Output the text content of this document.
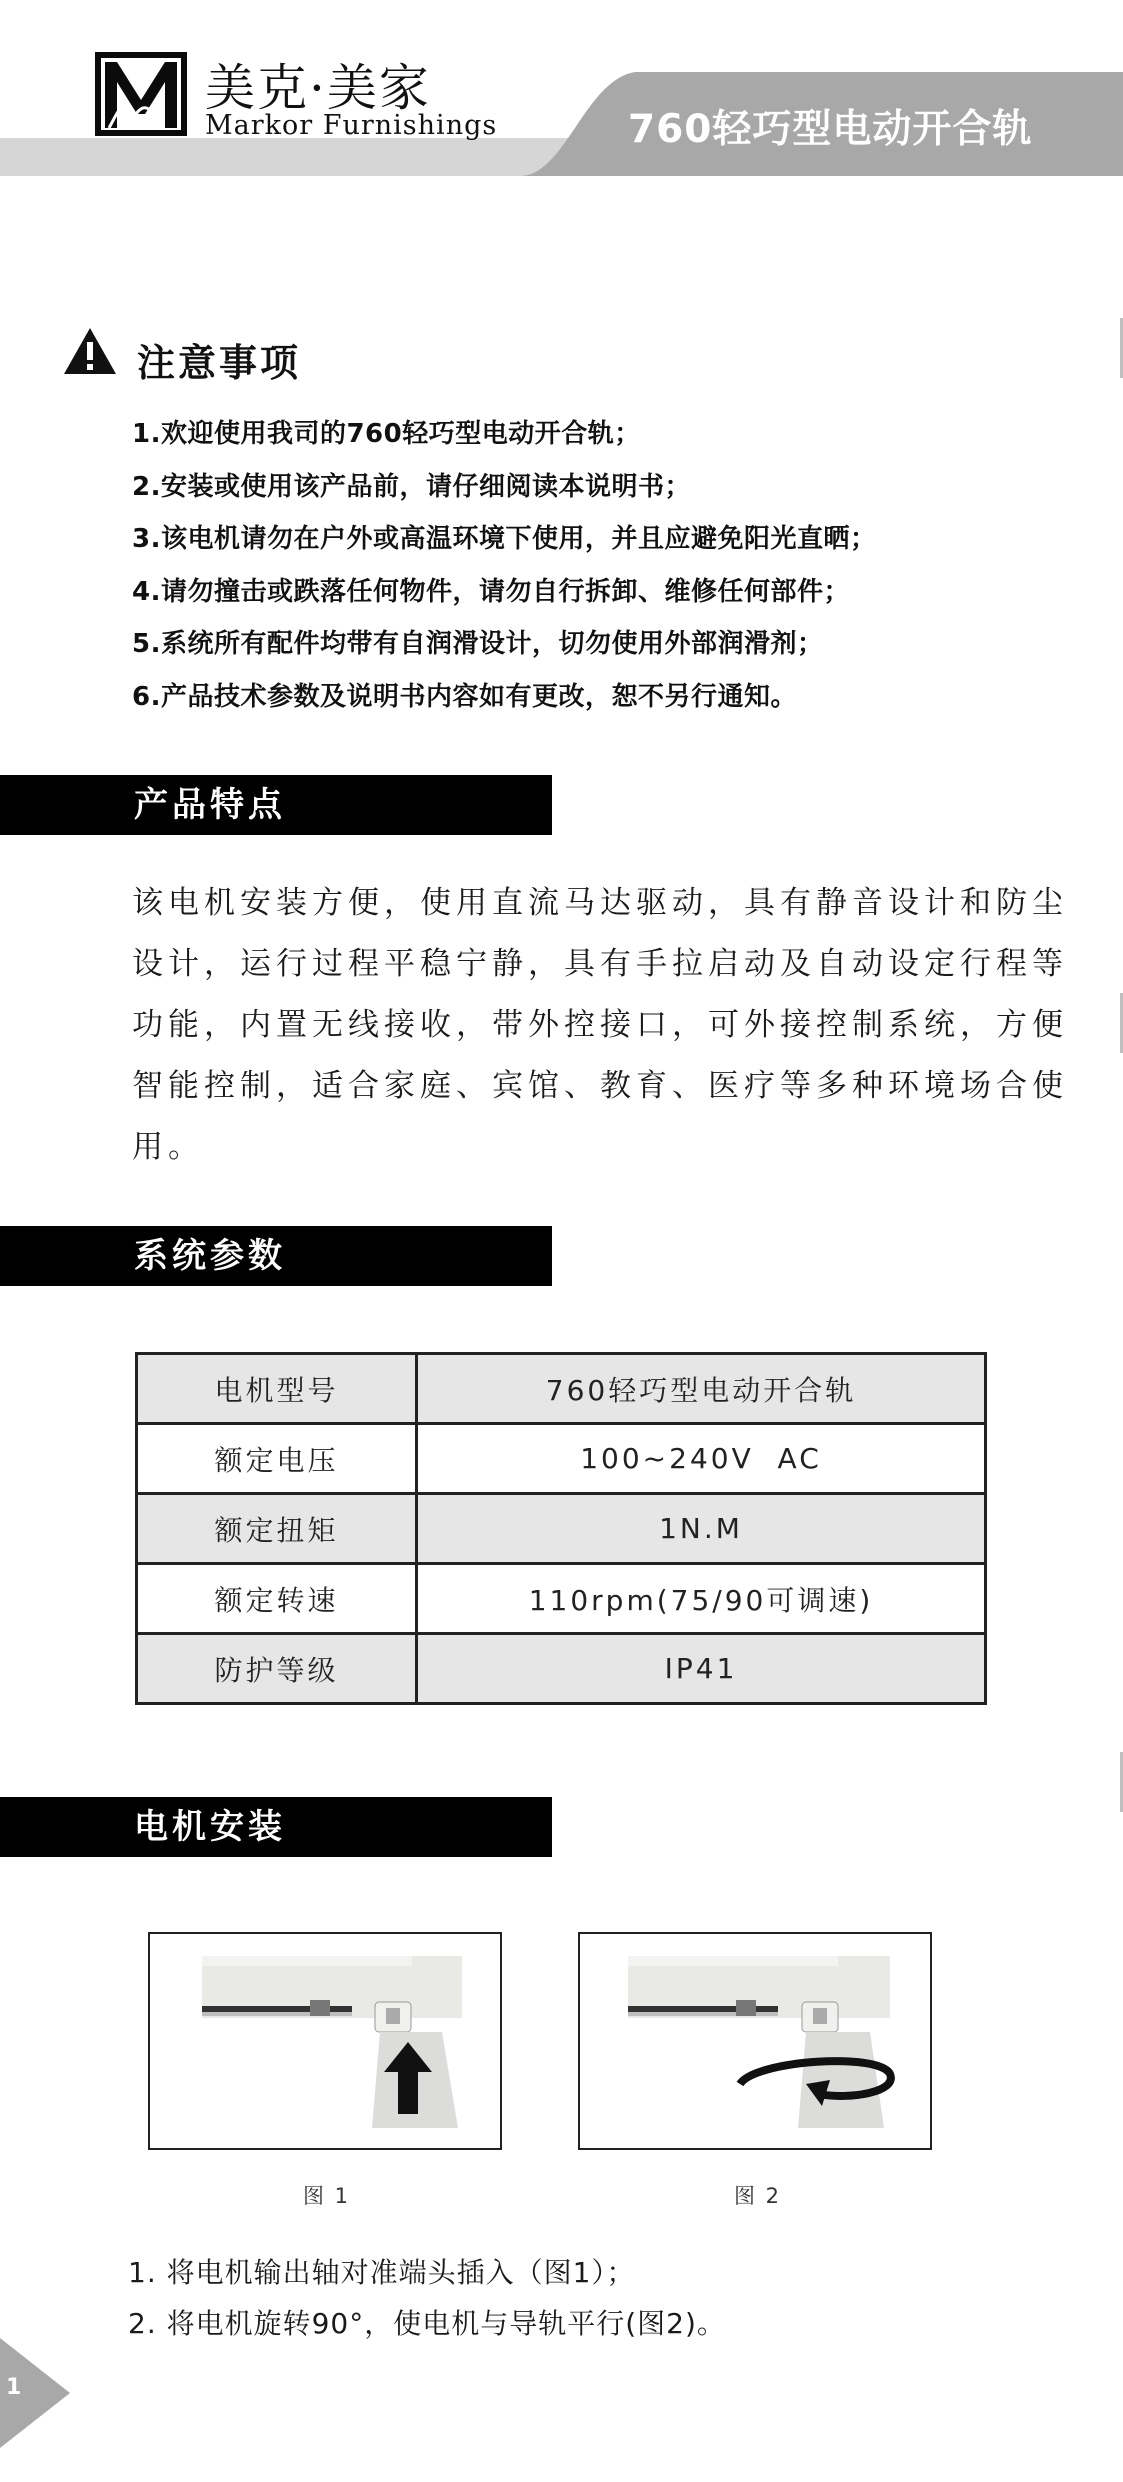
美克·美家
Markor Furnishings	760轻巧型电动开合轨
注意事项
1.欢迎使用我司的760轻巧型电动开合轨；
2.安装或使用该产品前，请仔细阅读本说明书；
3.该电机请勿在户外或高温环境下使用，并且应避免阳光直晒；
4.请勿撞击或跌落任何物件，请勿自行拆卸、维修任何部件；
5.系统所有配件均带有自润滑设计，切勿使用外部润滑剂；
6.产品技术参数及说明书内容如有更改，恕不另行通知。
产品特点

该电机安装方便，使用直流马达驱动，具有静音设计和防尘设计，运行过程平稳宁静，具有手拉启动及自动设定行程等功能，内置无线接收，带外控接口，可外接控制系统，方便智能控制，适合家庭、宾馆、教育、医疗等多种环境场合使用。

系统参数
电机型号	760轻巧型电动开合轨
额定电压	100~240V  AC
额定扭矩	1N.M
额定转速	110rpm(75/90可调速)
防护等级	IP41
电机安装
图 1	图 2
1. 将电机输出轴对准端头插入（图1）；
2. 将电机旋转90°，使电机与导轨平行(图2)。
1
